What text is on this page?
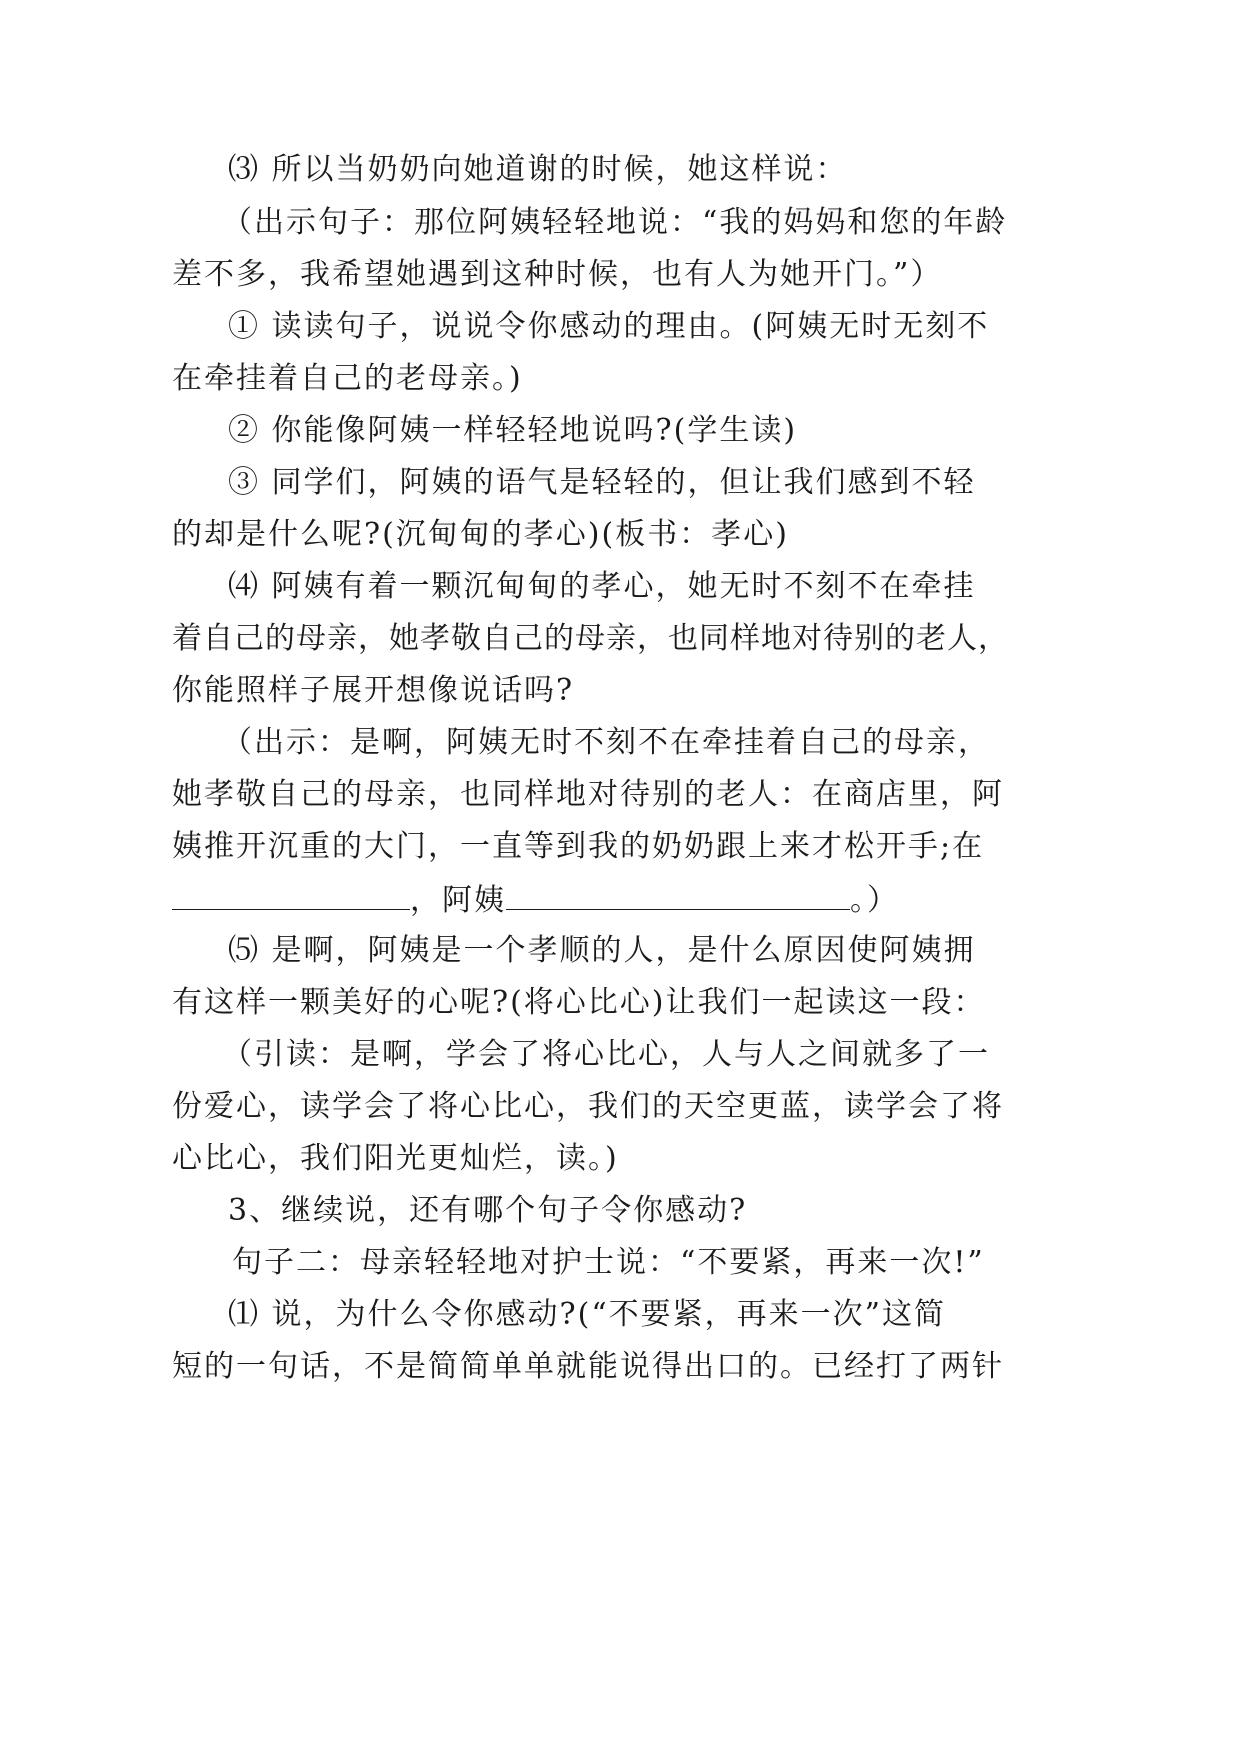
⑶ 所以当奶奶向她道谢的时候，她这样说：
（出示句子：那位阿姨轻轻地说：“我的妈妈和您的年龄
差不多，我希望她遇到这种时候，也有人为她开门。”）
① 读读句子，说说令你感动的理由。(阿姨无时无刻不
在牵挂着自己的老母亲。)
② 你能像阿姨一样轻轻地说吗?(学生读)
③ 同学们，阿姨的语气是轻轻的，但让我们感到不轻
的却是什么呢?(沉甸甸的孝心)(板书：孝心)
⑷ 阿姨有着一颗沉甸甸的孝心，她无时不刻不在牵挂
着自己的母亲，她孝敬自己的母亲，也同样地对待别的老人，
你能照样子展开想像说话吗?
（出示：是啊，阿姨无时不刻不在牵挂着自己的母亲，
她孝敬自己的母亲，也同样地对待别的老人：在商店里，阿
姨推开沉重的大门，一直等到我的奶奶跟上来才松开手;在
，阿姨	。）
⑸ 是啊，阿姨是一个孝顺的人，是什么原因使阿姨拥
有这样一颗美好的心呢?(将心比心)让我们一起读这一段：
（引读：是啊，学会了将心比心，人与人之间就多了一
份爱心，读学会了将心比心，我们的天空更蓝，读学会了将
心比心，我们阳光更灿烂，读。)
3、继续说，还有哪个句子令你感动?
句子二：母亲轻轻地对护士说：“不要紧，再来一次!”
⑴ 说，为什么令你感动?(“不要紧，再来一次”这简
短的一句话，不是简简单单就能说得出口的。已经打了两针
